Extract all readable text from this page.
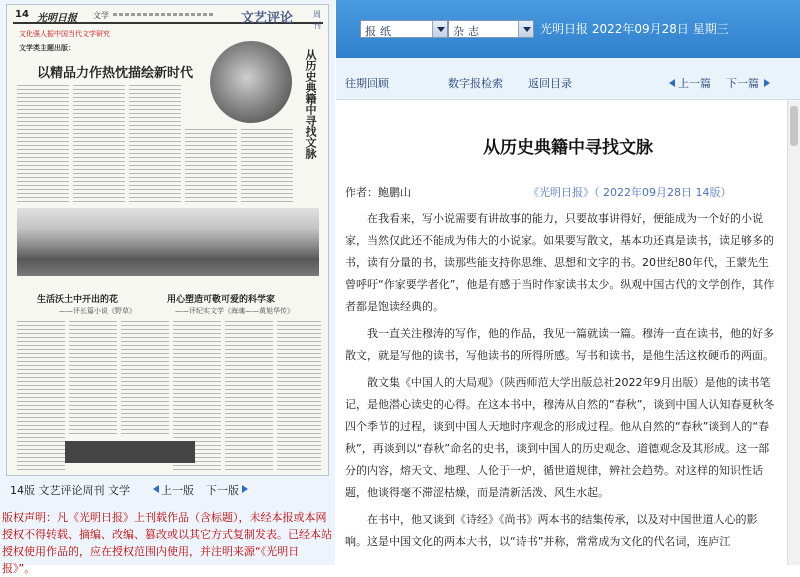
14 光明日报 文学	文艺评论 周刊
文化强人振中国当代文学研究
文学类主题出版：
以精品力作热忱描绘新时代	从历史典籍中寻找文脉
生活沃土中开出的花
——评长篇小说《野草》
用心塑造可敬可爱的科学家
——评纪实文学《海魂——黄旭华传》
14版 文艺评论周刊 文学	上一版 下一版
版权声明：凡《光明日报》上刊载作品（含标题），未经本报或本网授权不得转载、摘编、改编、篡改或以其它方式复制发表。已经本站授权使用作品的，应在授权范围内使用，并注明来源“《光明日报》”。
报纸	杂志	光明日报 2022年09月28日 星期三
往期回顾	数字报检索 返回目录	上一篇 下一篇
从历史典籍中寻找文脉
作者：鲍鹏山	《光明日报》（ 2022年09月28日 14版）

在我看来，写小说需要有讲故事的能力，只要故事讲得好，便能成为一个好的小说家，当然仅此还不能成为伟大的小说家。如果要写散文，基本功还真是读书，读足够多的书，读有分量的书，读那些能支持你思维、思想和文字的书。20世纪80年代，王蒙先生曾呼吁“作家要学者化”，他是有感于当时作家读书太少。纵观中国古代的文学创作，其作者都是饱读经典的。

我一直关注穆涛的写作，他的作品，我见一篇就读一篇。穆涛一直在读书，他的好多散文，就是写他的读书，写他读书的所得所感。写书和读书，是他生活这枚硬币的两面。

散文集《中国人的大局观》（陕西师范大学出版总社2022年9月出版）是他的读书笔记，是他潜心读史的心得。在这本书中，穆涛从自然的“春秋”，谈到中国人认知春夏秋冬四个季节的过程，谈到中国人天地时序观念的形成过程。他从自然的“春秋”谈到人的“春秋”，再谈到以“春秋”命名的史书，谈到中国人的历史观念、道德观念及其形成。这一部分的内容，熔天文、地理、人伦于一炉，循世道规律，辨社会趋势。对这样的知识性话题，他谈得毫不滞涩枯燥，而是清新活泼、风生水起。

在书中，他又谈到《诗经》《尚书》两本书的结集传承，以及对中国世道人心的影响。这是中国文化的两本大书，以“诗书”并称，常常成为文化的代名词，连庐江
